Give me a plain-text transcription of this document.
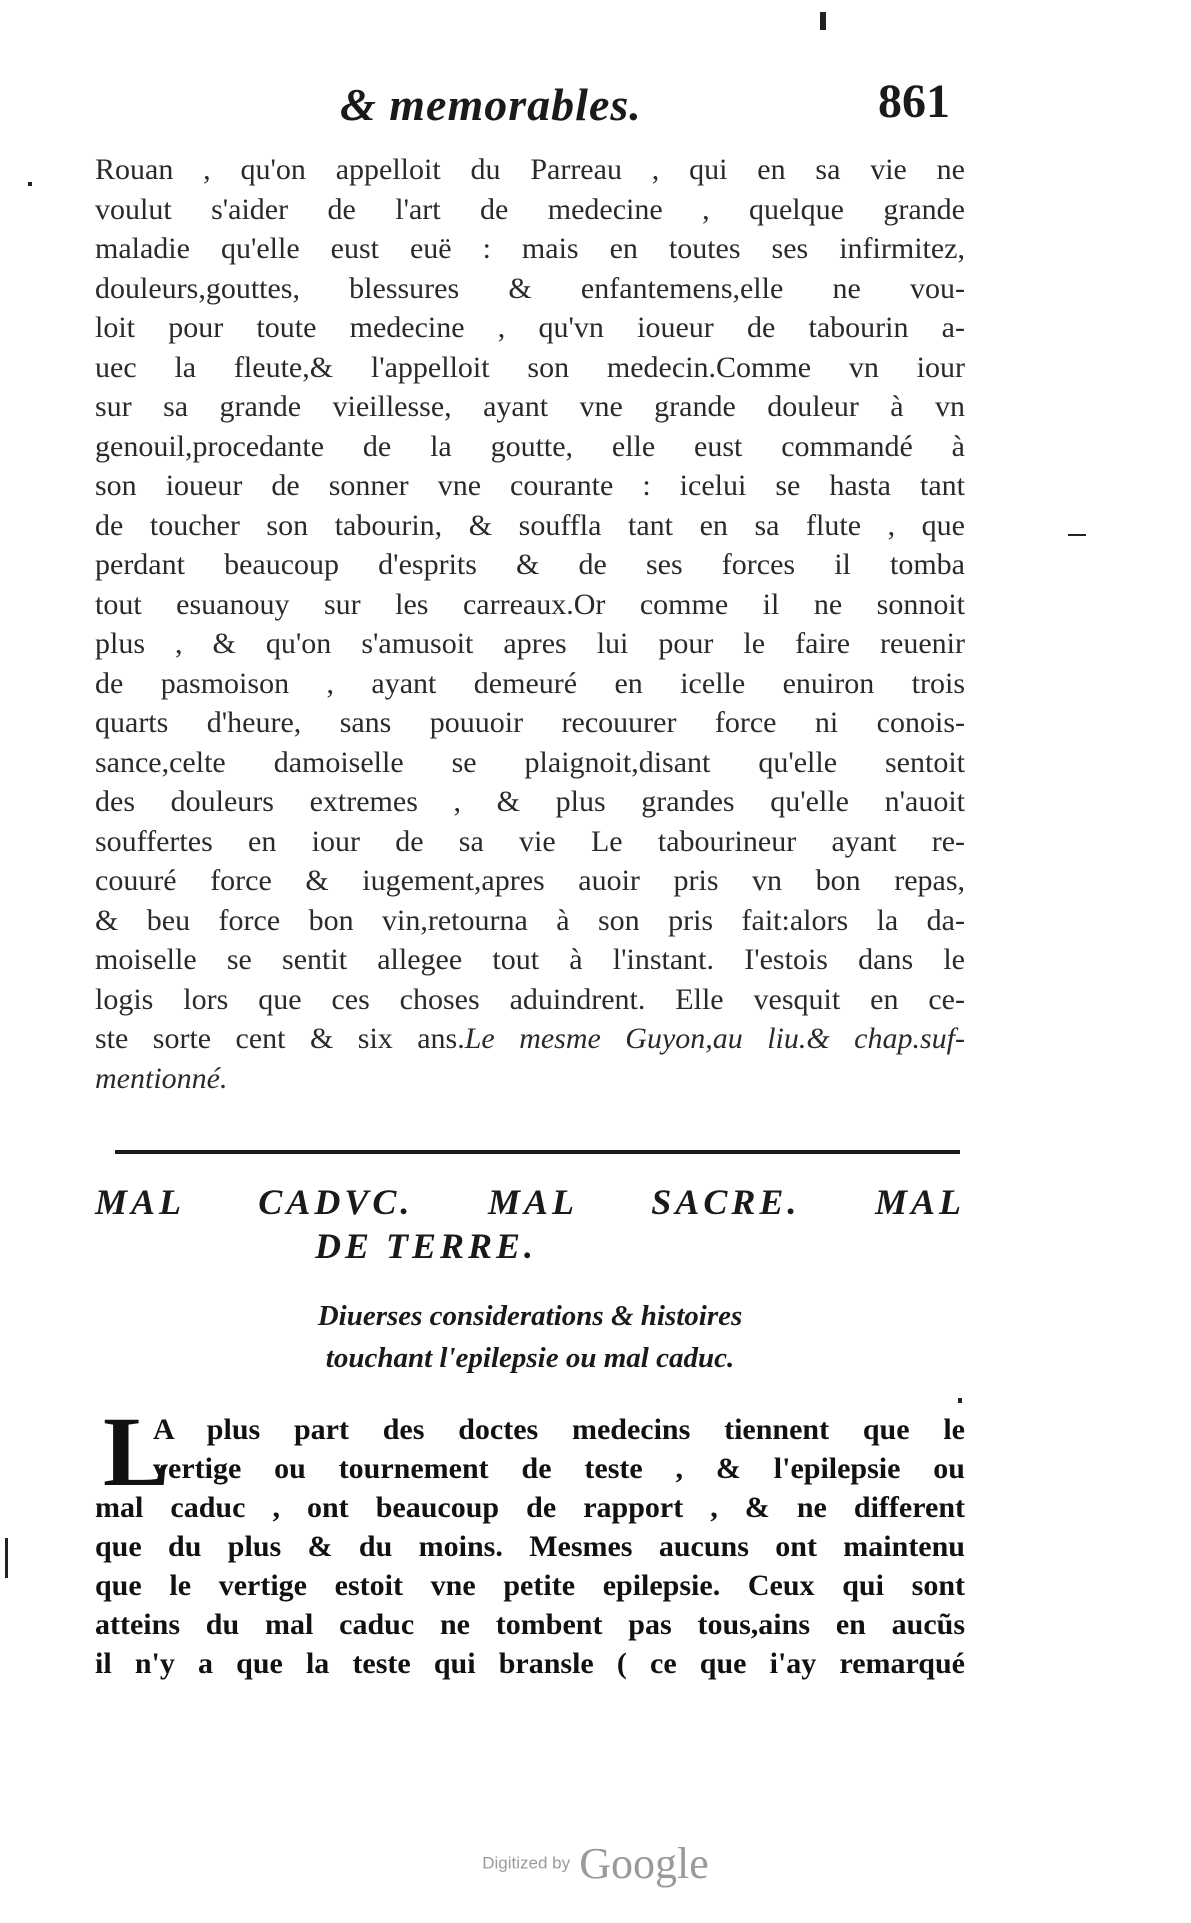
& memorables.	861
Rouan , qu'on appelloit du Parreau , qui en sa vie ne
voulut s'aider de l'art de medecine , quelque grande
maladie qu'elle eust euë : mais en toutes ses infirmitez,
douleurs,gouttes, blessures & enfantemens,elle ne vou-
loit pour toute medecine , qu'vn ioueur de tabourin a-
uec la fleute,& l'appelloit son medecin.Comme vn iour
sur sa grande vieillesse, ayant vne grande douleur à vn
genouil,procedante de la goutte, elle eust commandé à
son ioueur de sonner vne courante : icelui se hasta tant
de toucher son tabourin, & souffla tant en sa flute , que
perdant beaucoup d'esprits & de ses forces il tomba
tout esuanouy sur les carreaux.Or comme il ne sonnoit
plus , & qu'on s'amusoit apres lui pour le faire reuenir
de pasmoison , ayant demeuré en icelle enuiron trois
quarts d'heure, sans pouuoir recouurer force ni conois-
sance,celte damoiselle se plaignoit,disant qu'elle sentoit
des douleurs extremes , & plus grandes qu'elle n'auoit
souffertes en iour de sa vie Le tabourineur ayant re-
couuré force & iugement,apres auoir pris vn bon repas,
& beu force bon vin,retourna à son pris fait:alors la da-
moiselle se sentit allegee tout à l'instant. I'estois dans le
logis lors que ces choses aduindrent. Elle vesquit en ce-
ste sorte cent & six ans.Le mesme Guyon,au liu.& chap.suf-
mentionné.
MAL CADVC. MAL SACRE. MAL
DE TERRE.
Diuerses considerations & histoires
touchant l'epilepsie ou mal caduc.
L
A plus part des doctes medecins tiennent que le
vertige ou tournement de teste , & l'epilepsie ou
mal caduc , ont beaucoup de rapport , & ne different
que du plus & du moins. Mesmes aucuns ont maintenu
que le vertige estoit vne petite epilepsie. Ceux qui sont
atteins du mal caduc ne tombent pas tous,ains en aucũs
il n'y a que la teste qui bransle ( ce que i'ay remarqué
Digitized by Google
